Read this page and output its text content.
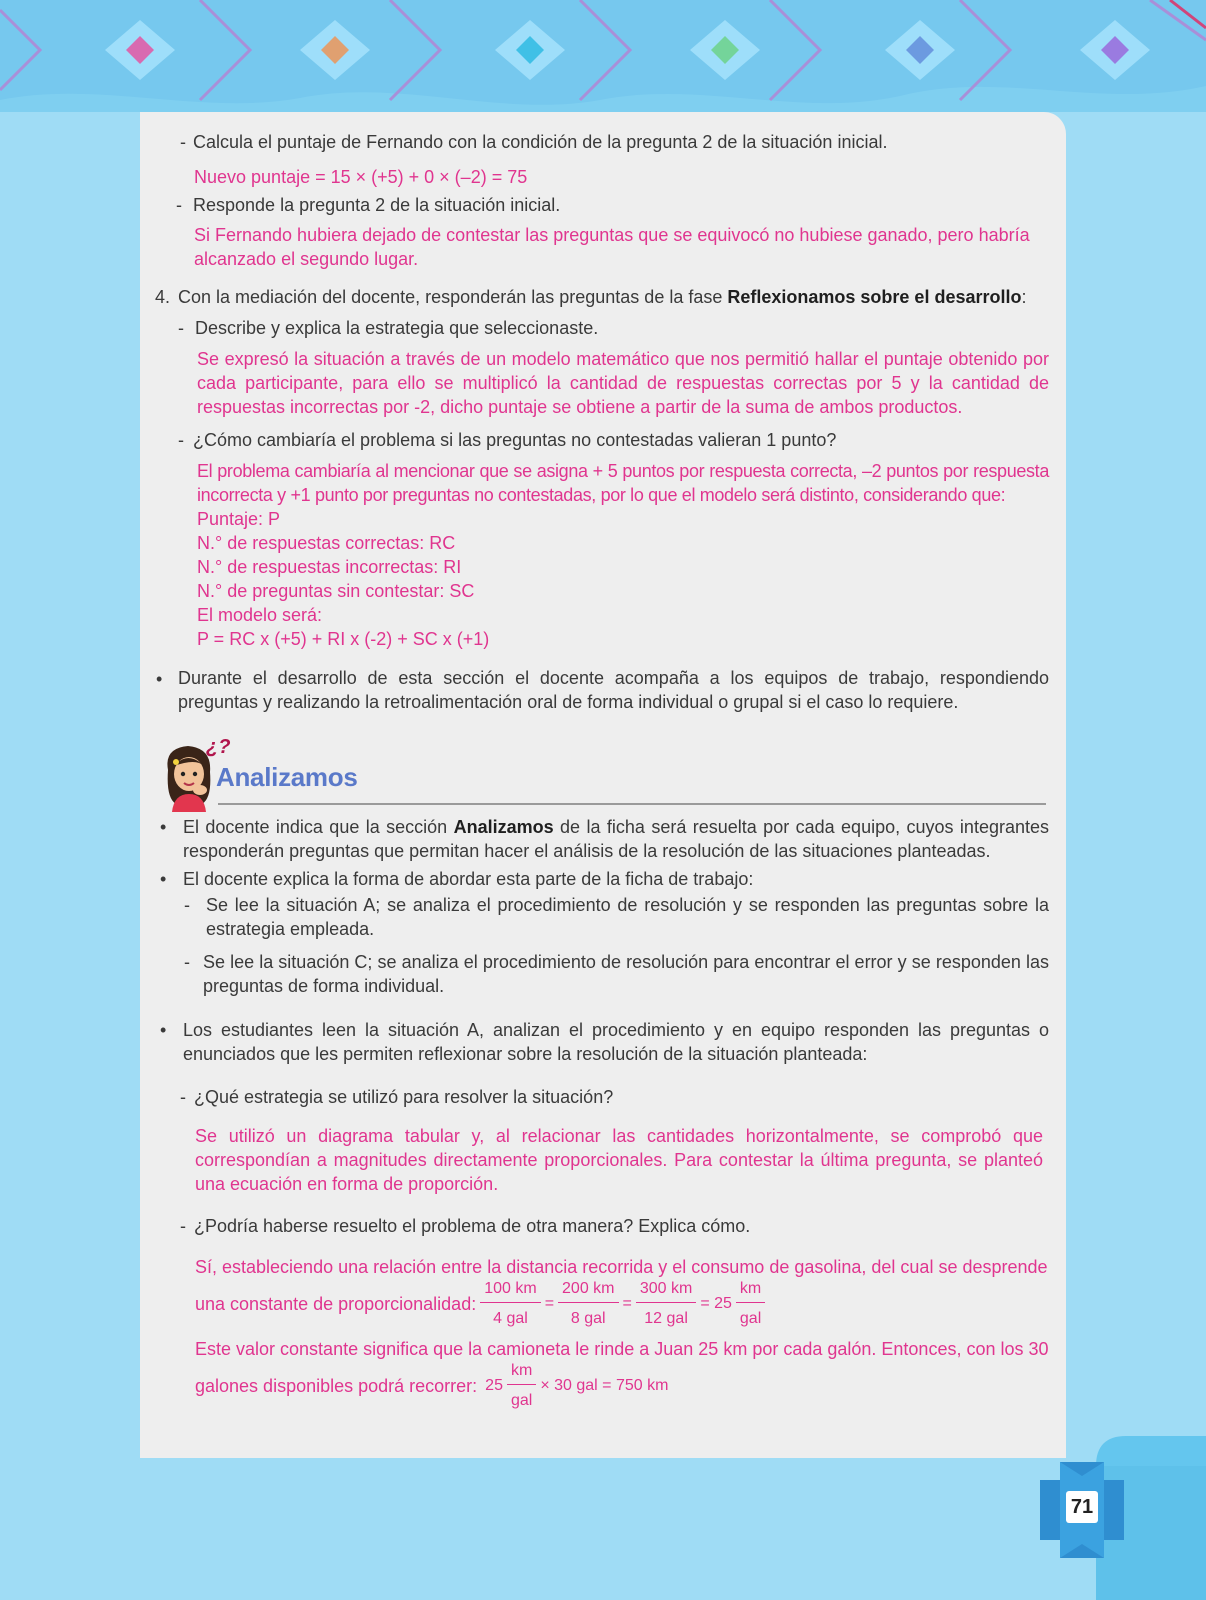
- Calcula el puntaje de Fernando con la condición de la pregunta 2 de la situación inicial.
Nuevo puntaje = 15 × (+5) + 0 × (–2) = 75
- Responde la pregunta 2 de la situación inicial.
Si Fernando hubiera dejado de contestar las preguntas que se equivocó no hubiese ganado, pero habría
alcanzado el segundo lugar.
4. Con la mediación del docente, responderán las preguntas de la fase Reflexionamos sobre el desarrollo:
- Describe y explica la estrategia que seleccionaste.
Se expresó la situación a través de un modelo matemático que nos permitió hallar el puntaje obtenido por cada participante, para ello se multiplicó la cantidad de respuestas correctas por 5 y la cantidad de respuestas incorrectas por -2, dicho puntaje se obtiene a partir de la suma de ambos productos.
- ¿Cómo cambiaría el problema si las preguntas no contestadas valieran 1 punto?
El problema cambiaría al mencionar que se asigna + 5 puntos por respuesta correcta, –2 puntos por respuesta incorrecta y +1 punto por preguntas no contestadas, por lo que el modelo será distinto, considerando que:
Puntaje: P
N.° de respuestas correctas: RC
N.° de respuestas incorrectas: RI
N.° de preguntas sin contestar: SC
El modelo será:
P = RC x (+5) + RI x (-2) + SC x (+1)
• Durante el desarrollo de esta sección el docente acompaña a los equipos de trabajo, respondiendo preguntas y realizando la retroalimentación oral de forma individual o grupal si el caso lo requiere.
¿?
Analizamos
• El docente indica que la sección Analizamos de la ficha será resuelta por cada equipo, cuyos integrantes responderán preguntas que permitan hacer el análisis de la resolución de las situaciones planteadas.
• El docente explica la forma de abordar esta parte de la ficha de trabajo:
- Se lee la situación A; se analiza el procedimiento de resolución y se responden las preguntas sobre la estrategia empleada.
- Se lee la situación C; se analiza el procedimiento de resolución para encontrar el error y se responden las preguntas de forma individual.
• Los estudiantes leen la situación A, analizan el procedimiento y en equipo responden las preguntas o enunciados que les permiten reflexionar sobre la resolución de la situación planteada:
- ¿Qué estrategia se utilizó para resolver la situación?
Se utilizó un diagrama tabular y, al relacionar las cantidades horizontalmente, se comprobó que correspondían a magnitudes directamente proporcionales. Para contestar la última pregunta, se planteó una ecuación en forma de proporción.
- ¿Podría haberse resuelto el problema de otra manera? Explica cómo.
Sí, estableciendo una relación entre la distancia recorrida y el consumo de gasolina, del cual se desprende
una constante de proporcionalidad: $\frac{100 km}{\text{4 gal}} = \frac{200 km}{\text{8 gal}} = \frac{300 km}{\text{12 gal}} = 25 \frac{km}{\text{gal}}$
Este valor constante significa que la camioneta le rinde a Juan 25 km por cada galón. Entonces, con los 30
galones disponibles podrá recorrer: $25 \frac{km}{\text{gal}} \times 30$ gal = 750 km
71
